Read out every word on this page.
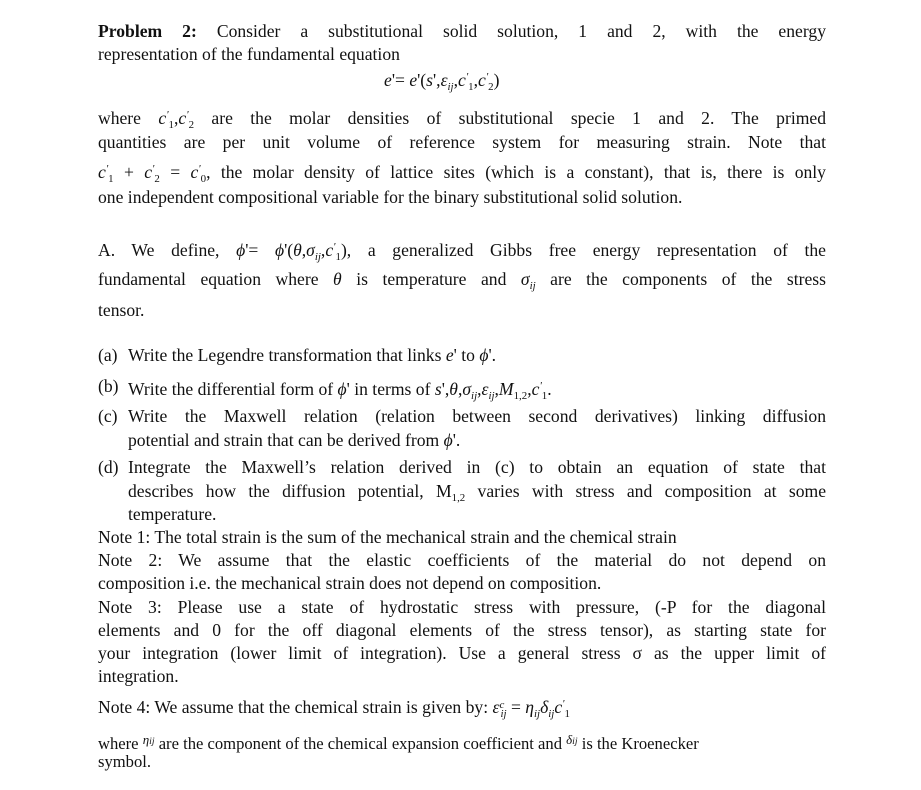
Problem 2: Consider a substitutional solid solution, 1 and 2, with the energy
representation of the fundamental equation
$e'= e'(s',\varepsilon_{ij},c'_1,c'_2)$
where $c'_1,c'_2$ are the molar densities of substitutional specie 1 and 2. The primed
quantities are per unit volume of reference system for measuring strain. Note that
$c'_1 + c'_2 = c'_0$, the molar density of lattice sites (which is a constant), that is, there is only
one independent compositional variable for the binary substitutional solid solution.
A. We define, $\phi'= \phi'(\theta,\sigma_{ij},c'_1)$, a generalized Gibbs free energy representation of the
fundamental equation where θ is temperature and $\sigma_{ij}$ are the components of the stress
tensor.
(a) Write the Legendre transformation that links e' to ϕ'.
(b) Write the differential form of ϕ' in terms of $s',\theta,\sigma_{ij},\varepsilon_{ij},M_{1,2},c'_1$.
(c) Write the Maxwell relation (relation between second derivatives) linking diffusion
potential and strain that can be derived from ϕ'.
(d) Integrate the Maxwell’s relation derived in (c) to obtain an equation of state that
describes how the diffusion potential, $M_{1,2}$ varies with stress and composition at some
temperature.
Note 1: The total strain is the sum of the mechanical strain and the chemical strain
Note 2: We assume that the elastic coefficients of the material do not depend on
composition i.e. the mechanical strain does not depend on composition.
Note 3: Please use a state of hydrostatic stress with pressure, (-P for the diagonal
elements and 0 for the off diagonal elements of the stress tensor), as starting state for
your integration (lower limit of integration). Use a general stress σ as the upper limit of
integration.
Note 4: We assume that the chemical strain is given by: $\varepsilon^c_{ij} = \eta_{ij}\delta_{ij}c'_1$
where $^{\eta ij}$ are the component of the chemical expansion coefficient and $^{\delta ij}$ is the Kroenecker
symbol.
